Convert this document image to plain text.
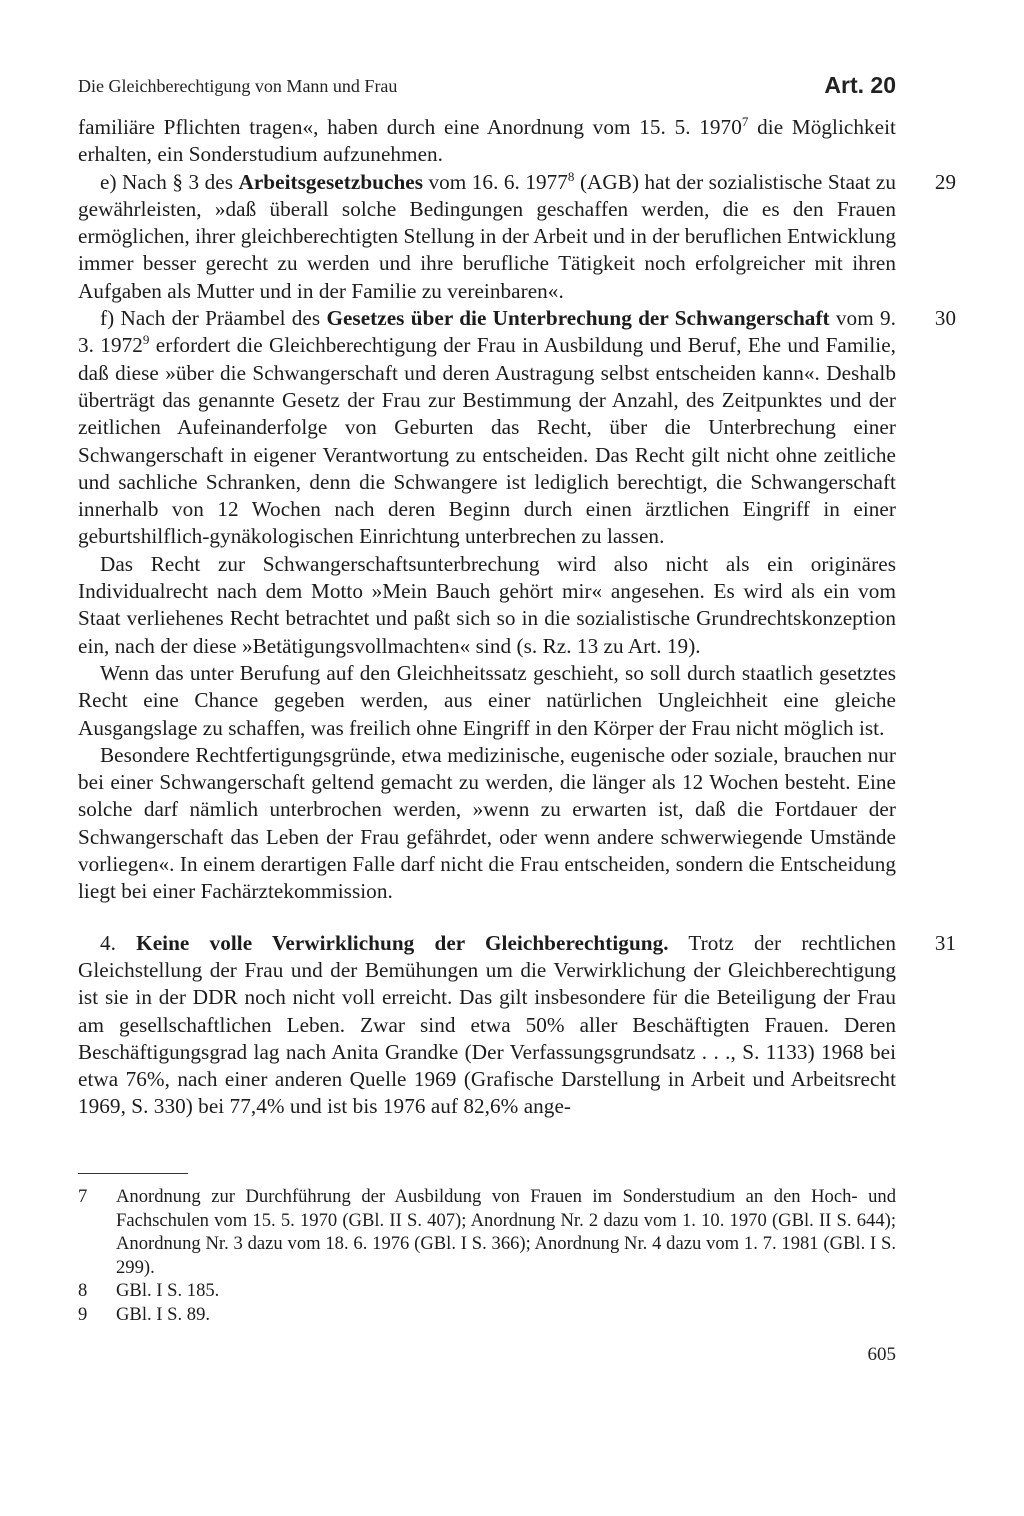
Die Gleichberechtigung von Mann und Frau	Art. 20

familiäre Pflichten tragen«, haben durch eine Anordnung vom 15. 5. 1970$^7$ die Möglichkeit erhalten, ein Sonderstudium aufzunehmen.

29
e) Nach § 3 des Arbeitsgesetzbuches vom 16. 6. 1977$^8$ (AGB) hat der sozialistische Staat zu gewährleisten, »daß überall solche Bedingungen geschaffen werden, die es den Frauen ermöglichen, ihrer gleichberechtigten Stellung in der Arbeit und in der beruflichen Entwicklung immer besser gerecht zu werden und ihre berufliche Tätigkeit noch erfolgreicher mit ihren Aufgaben als Mutter und in der Familie zu vereinbaren«.

30
f) Nach der Präambel des Gesetzes über die Unterbrechung der Schwangerschaft vom 9. 3. 1972$^9$ erfordert die Gleichberechtigung der Frau in Ausbildung und Beruf, Ehe und Familie, daß diese »über die Schwangerschaft und deren Austragung selbst entscheiden kann«. Deshalb überträgt das genannte Gesetz der Frau zur Bestimmung der Anzahl, des Zeitpunktes und der zeitlichen Aufeinanderfolge von Geburten das Recht, über die Unterbrechung einer Schwangerschaft in eigener Verantwortung zu entscheiden. Das Recht gilt nicht ohne zeitliche und sachliche Schranken, denn die Schwangere ist lediglich berechtigt, die Schwangerschaft innerhalb von 12 Wochen nach deren Beginn durch einen ärztlichen Eingriff in einer geburtshilflich-gynäkologischen Einrichtung unterbrechen zu lassen.

Das Recht zur Schwangerschaftsunterbrechung wird also nicht als ein originäres Individualrecht nach dem Motto »Mein Bauch gehört mir« angesehen. Es wird als ein vom Staat verliehenes Recht betrachtet und paßt sich so in die sozialistische Grundrechtskonzeption ein, nach der diese »Betätigungsvollmachten« sind (s. Rz. 13 zu Art. 19).

Wenn das unter Berufung auf den Gleichheitssatz geschieht, so soll durch staatlich gesetztes Recht eine Chance gegeben werden, aus einer natürlichen Ungleichheit eine gleiche Ausgangslage zu schaffen, was freilich ohne Eingriff in den Körper der Frau nicht möglich ist.

Besondere Rechtfertigungsgründe, etwa medizinische, eugenische oder soziale, brauchen nur bei einer Schwangerschaft geltend gemacht zu werden, die länger als 12 Wochen besteht. Eine solche darf nämlich unterbrochen werden, »wenn zu erwarten ist, daß die Fortdauer der Schwangerschaft das Leben der Frau gefährdet, oder wenn andere schwerwiegende Umstände vorliegen«. In einem derartigen Falle darf nicht die Frau entscheiden, sondern die Entscheidung liegt bei einer Fachärztekommission.

31
4. Keine volle Verwirklichung der Gleichberechtigung. Trotz der rechtlichen Gleichstellung der Frau und der Bemühungen um die Verwirklichung der Gleichberechtigung ist sie in der DDR noch nicht voll erreicht. Das gilt insbesondere für die Beteiligung der Frau am gesellschaftlichen Leben. Zwar sind etwa 50% aller Beschäftigten Frauen. Deren Beschäftigungsgrad lag nach Anita Grandke (Der Verfassungsgrundsatz . . ., S. 1133) 1968 bei etwa 76%, nach einer anderen Quelle 1969 (Grafische Darstellung in Arbeit und Arbeitsrecht 1969, S. 330) bei 77,4% und ist bis 1976 auf 82,6% ange-

7	Anordnung zur Durchführung der Ausbildung von Frauen im Sonderstudium an den Hoch- und Fachschulen vom 15. 5. 1970 (GBl. II S. 407); Anordnung Nr. 2 dazu vom 1. 10. 1970 (GBl. II S. 644); Anordnung Nr. 3 dazu vom 18. 6. 1976 (GBl. I S. 366); Anordnung Nr. 4 dazu vom 1. 7. 1981 (GBl. I S. 299).

8	GBl. I S. 185.

9	GBl. I S. 89.

605
